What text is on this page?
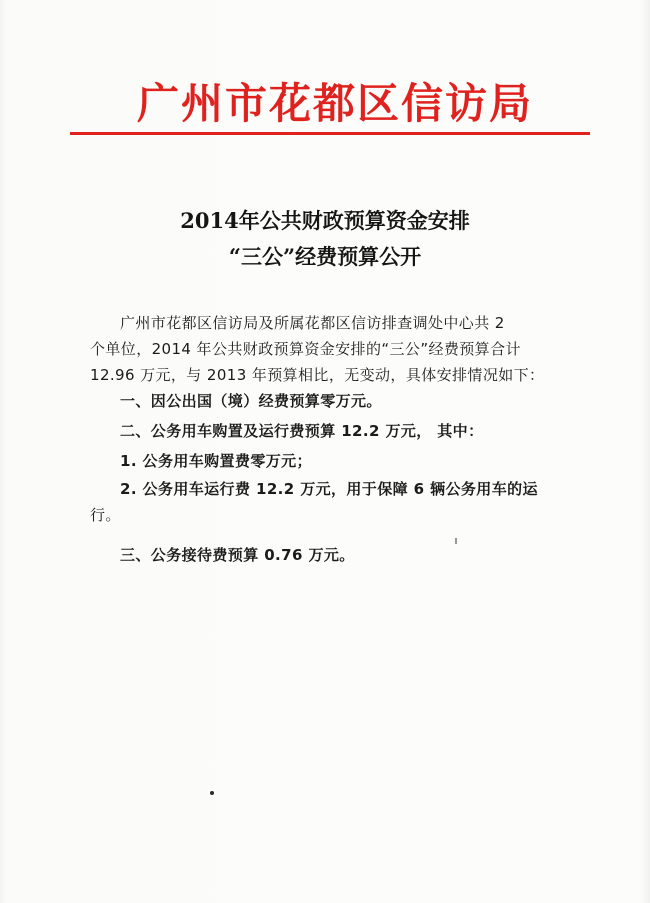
广州市花都区信访局
2014年公共财政预算资金安排
“三公”经费预算公开
广州市花都区信访局及所属花都区信访排查调处中心共 2
个单位，2014 年公共财政预算资金安排的“三公”经费预算合计
12.96 万元，与 2013 年预算相比，无变动，具体安排情况如下：
一、因公出国（境）经费预算零万元。
二、公务用车购置及运行费预算 12.2 万元， 其中：
1. 公务用车购置费零万元；
2. 公务用车运行费 12.2 万元，用于保障 6 辆公务用车的运
行。
三、公务接待费预算 0.76 万元。
